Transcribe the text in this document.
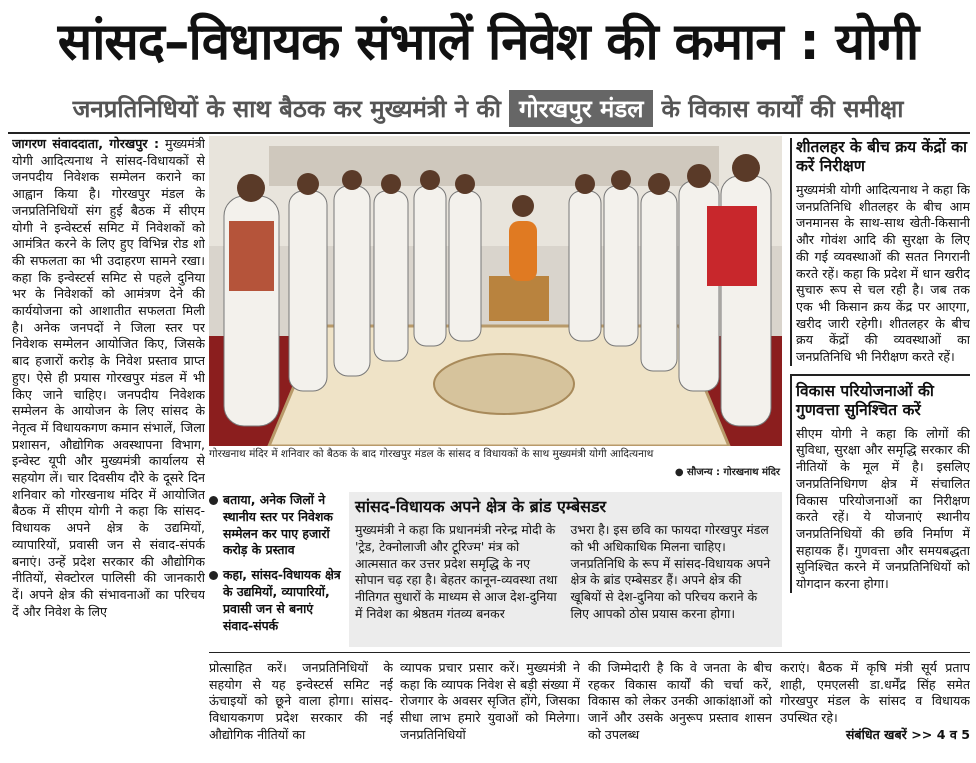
सांसद–विधायक संभालें निवेश की कमान : योगी
जनप्रतिनिधियों के साथ बैठक कर मुख्यमंत्री ने की गोरखपुर मंडल के विकास कार्यों की समीक्षा
जागरण संवाददाता, गोरखपुर : मुख्यमंत्री योगी आदित्यनाथ ने सांसद-विधायकों से जनपदीय निवेशक सम्मेलन कराने का आह्वान किया है। गोरखपुर मंडल के जनप्रतिनिधियों संग हुई बैठक में सीएम योगी ने इन्वेस्टर्स समिट में निवेशकों को आमंत्रित करने के लिए हुए विभिन्न रोड शो की सफलता का भी उदाहरण सामने रखा। कहा कि इन्वेस्टर्स समिट से पहले दुनिया भर के निवेशकों को आमंत्रण देने की कार्ययोजना को आशातीत सफलता मिली है। अनेक जनपदों ने जिला स्तर पर निवेशक सम्मेलन आयोजित किए, जिसके बाद हजारों करोड़ के निवेश प्रस्ताव प्राप्त हुए। ऐसे ही प्रयास गोरखपुर मंडल में भी किए जाने चाहिए। जनपदीय निवेशक सम्मेलन के आयोजन के लिए सांसद के नेतृत्व में विधायकगण कमान संभालें, जिला प्रशासन, औद्योगिक अवस्थापना विभाग, इन्वेस्ट यूपी और मुख्यमंत्री कार्यालय से सहयोग लें। चार दिवसीय दौरे के दूसरे दिन शनिवार को गोरखनाथ मंदिर में आयोजित बैठक में सीएम योगी ने कहा कि सांसद-विधायक अपने क्षेत्र के उद्यमियों, व्यापारियों, प्रवासी जन से संवाद-संपर्क बनाएं। उन्हें प्रदेश सरकार की औद्योगिक नीतियों, सेक्टोरल पालिसी की जानकारी दें। अपने क्षेत्र की संभावनाओं का परिचय दें और निवेश के लिए
गोरखनाथ मंदिर में शनिवार को बैठक के बाद गोरखपुर मंडल के सांसद व विधायकों के साथ मुख्यमंत्री योगी आदित्यनाथ
● सौजन्य : गोरखनाथ मंदिर
शीतलहर के बीच क्रय केंद्रों का करें निरीक्षण
मुख्यमंत्री योगी आदित्यनाथ ने कहा कि जनप्रतिनिधि शीतलहर के बीच आम जनमानस के साथ-साथ खेती-किसानी और गोवंश आदि की सुरक्षा के लिए की गई व्यवस्थाओं की सतत निगरानी करते रहें। कहा कि प्रदेश में धान खरीद सुचारु रूप से चल रही है। जब तक एक भी किसान क्रय केंद्र पर आएगा, खरीद जारी रहेगी। शीतलहर के बीच क्रय केंद्रों की व्यवस्थाओं का जनप्रतिनिधि भी निरीक्षण करते रहें।
विकास परियोजनाओं की गुणवत्ता सुनिश्चित करें
सीएम योगी ने कहा कि लोगों की सुविधा, सुरक्षा और समृद्धि सरकार की नीतियों के मूल में है। इसलिए जनप्रतिनिधिगण क्षेत्र में संचालित विकास परियोजनाओं का निरीक्षण करते रहें। ये योजनाएं स्थानीय जनप्रतिनिधियों की छवि निर्माण में सहायक हैं। गुणवत्ता और समयबद्धता सुनिश्चित करने में जनप्रतिनिधियों को योगदान करना होगा।
बताया, अनेक जिलों ने स्थानीय स्तर पर निवेशक सम्मेलन कर पाए हजारों करोड़ के प्रस्ताव
कहा, सांसद-विधायक क्षेत्र के उद्यमियों, व्यापारियों, प्रवासी जन से बनाएं संवाद-संपर्क
सांसद-विधायक अपने क्षेत्र के ब्रांड एम्बेसडर
मुख्यमंत्री ने कहा कि प्रधानमंत्री नरेन्द्र मोदी के 'ट्रेड, टेक्नोलाजी और टूरिज्म' मंत्र को आत्मसात कर उत्तर प्रदेश समृद्धि के नए सोपान चढ़ रहा है। बेहतर कानून-व्यवस्था तथा नीतिगत सुधारों के माध्यम से आज देश-दुनिया में निवेश का श्रेष्ठतम गंतव्य बनकर
उभरा है। इस छवि का फायदा गोरखपुर मंडल को भी अधिकाधिक मिलना चाहिए। जनप्रतिनिधि के रूप में सांसद-विधायक अपने क्षेत्र के ब्रांड एम्बेसडर हैं। अपने क्षेत्र की खूबियों से देश-दुनिया को परिचय कराने के लिए आपको ठोस प्रयास करना होगा।
प्रोत्साहित करें। जनप्रतिनिधियों के सहयोग से यह इन्वेस्टर्स समिट नई ऊंचाइयों को छूने वाला होगा। सांसद-विधायकगण प्रदेश सरकार की नई औद्योगिक नीतियों का
व्यापक प्रचार प्रसार करें। मुख्यमंत्री ने कहा कि व्यापक निवेश से बड़ी संख्या में रोजगार के अवसर सृजित होंगे, जिसका सीधा लाभ हमारे युवाओं को मिलेगा। जनप्रतिनिधियों
की जिम्मेदारी है कि वे जनता के बीच रहकर विकास कार्यों की चर्चा करें, विकास को लेकर उनकी आकांक्षाओं को जानें और उसके अनुरूप प्रस्ताव शासन को उपलब्ध
कराएं। बैठक में कृषि मंत्री सूर्य प्रताप शाही, एमएलसी डा.धर्मेंद्र सिंह समेत गोरखपुर मंडल के सांसद व विधायक उपस्थित रहे।
संबंधित खबरें >> 4 व 5
